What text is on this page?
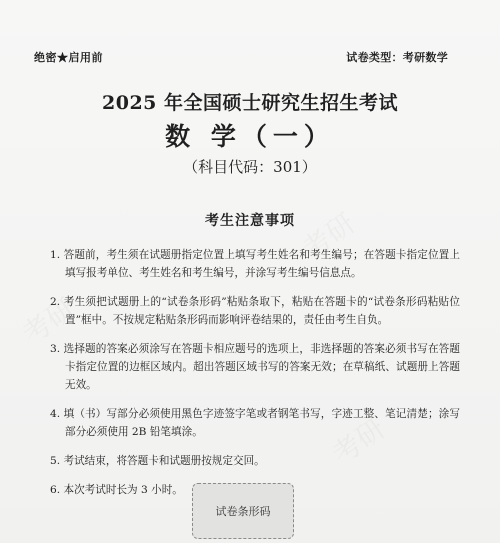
考研
考研
考研
绝密★启用前	试卷类型：考研数学
2025 年全国硕士研究生招生考试
数 学（一）
（科目代码：301）
考生注意事项
1. 答题前，考生须在试题册指定位置上填写考生姓名和考生编号；在答题卡指定位置上填写报考单位、考生姓名和考生编号，并涂写考生编号信息点。
2. 考生须把试题册上的“试卷条形码”粘贴条取下，粘贴在答题卡的“试卷条形码粘贴位置”框中。不按规定粘贴条形码而影响评卷结果的，责任由考生自负。
3. 选择题的答案必须涂写在答题卡相应题号的选项上，非选择题的答案必须书写在答题卡指定位置的边框区域内。超出答题区域书写的答案无效；在草稿纸、试题册上答题无效。
4. 填（书）写部分必须使用黑色字迹签字笔或者钢笔书写，字迹工整、笔记清楚；涂写部分必须使用 2B 铅笔填涂。
5. 考试结束，将答题卡和试题册按规定交回。
6. 本次考试时长为 3 小时。
试卷条形码
